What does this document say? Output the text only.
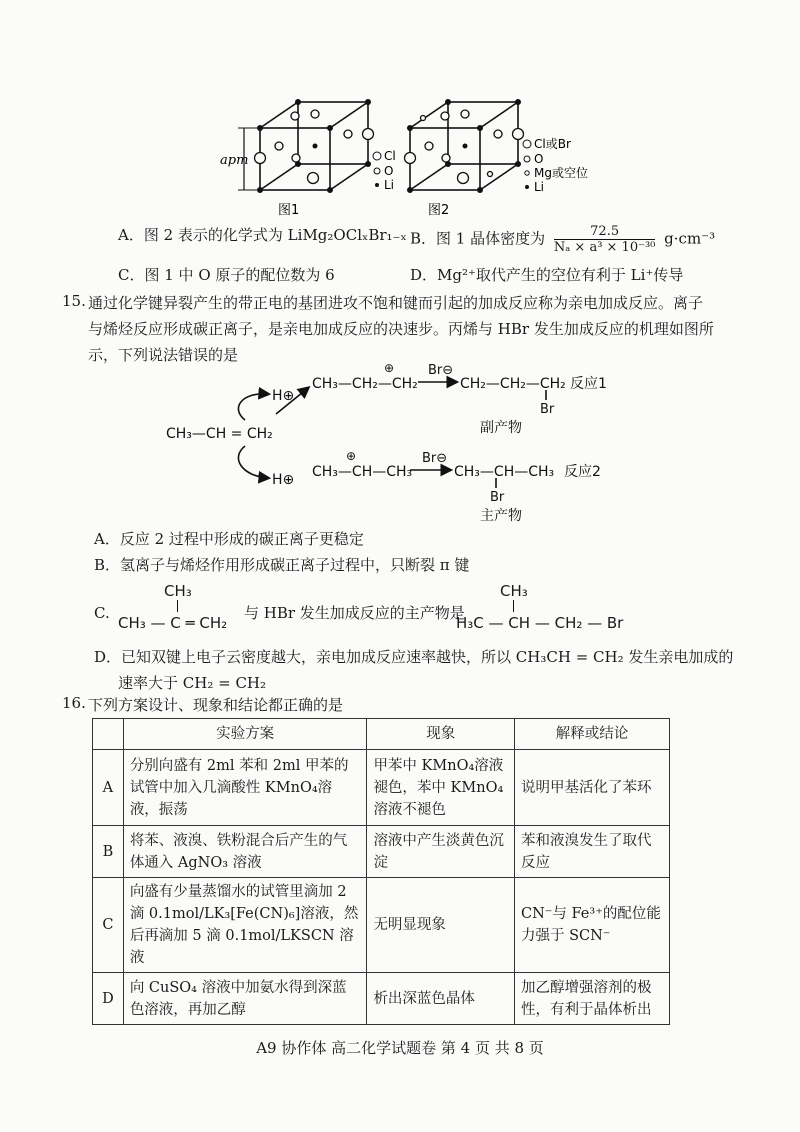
apm	Cl
O
Li
图1
Cl或Br
O
Mg或空位
Li
图2
A．图 2 表示的化学式为 LiMg₂OClₓBr₁₋ₓ B．图 1 晶体密度为 $\frac{72.5}{\text{Nₐ × a³ × 10⁻³⁰}} g\cdot cm^{-3}$
C．图 1 中 O 原子的配位数为 6	D．Mg²⁺取代产生的空位有利于 Li⁺传导
15. 通过化学键异裂产生的带正电的基团进攻不饱和键而引起的加成反应称为亲电加成反应。离子
与烯烃反应形成碳正离子，是亲电加成反应的决速步。丙烯与 HBr 发生加成反应的机理如图所
示，下列说法错误的是
CH₃—CH = CH₂
H⊕
CH₃—CH₂—CH₂
⊕	Br⊖
CH₂—CH₂—CH₂
Br
反应1
副产物
H⊕ CH₃—CH—CH₃
⊕	Br⊖
CH₃—CH—CH₃
Br
反应2
主产物
A．反应 2 过程中形成的碳正离子更稳定
B．氢离子与烯烃作用形成碳正离子过程中，只断裂 π 键
C.
CH₃
CH₃ — C ═ CH₂
与 HBr 发生加成反应的主产物是
CH₃
H₃C — CH — CH₂ — Br
D．已知双键上电子云密度越大，亲电加成反应速率越快，所以 CH₃CH = CH₂ 发生亲电加成的
速率大于 CH₂ = CH₂
16. 下列方案设计、现象和结论都正确的是
	实验方案	现象	解释或结论
A	分别向盛有 2ml 苯和 2ml 甲苯的试管中加入几滴酸性 KMnO₄溶液，振荡	甲苯中 KMnO₄溶液褪色，苯中 KMnO₄溶液不褪色	说明甲基活化了苯环
B	将苯、液溴、铁粉混合后产生的气体通入 AgNO₃ 溶液	溶液中产生淡黄色沉淀	苯和液溴发生了取代反应
C	向盛有少量蒸馏水的试管里滴加 2 滴 0.1mol/LK₃[Fe(CN)₆]溶液，然后再滴加 5 滴 0.1mol/LKSCN 溶液	无明显现象	CN⁻与 Fe³⁺的配位能力强于 SCN⁻
D	向 CuSO₄ 溶液中加氨水得到深蓝色溶液，再加乙醇	析出深蓝色晶体	加乙醇增强溶剂的极性，有利于晶体析出
A9 协作体 高二化学试题卷 第 4 页 共 8 页
